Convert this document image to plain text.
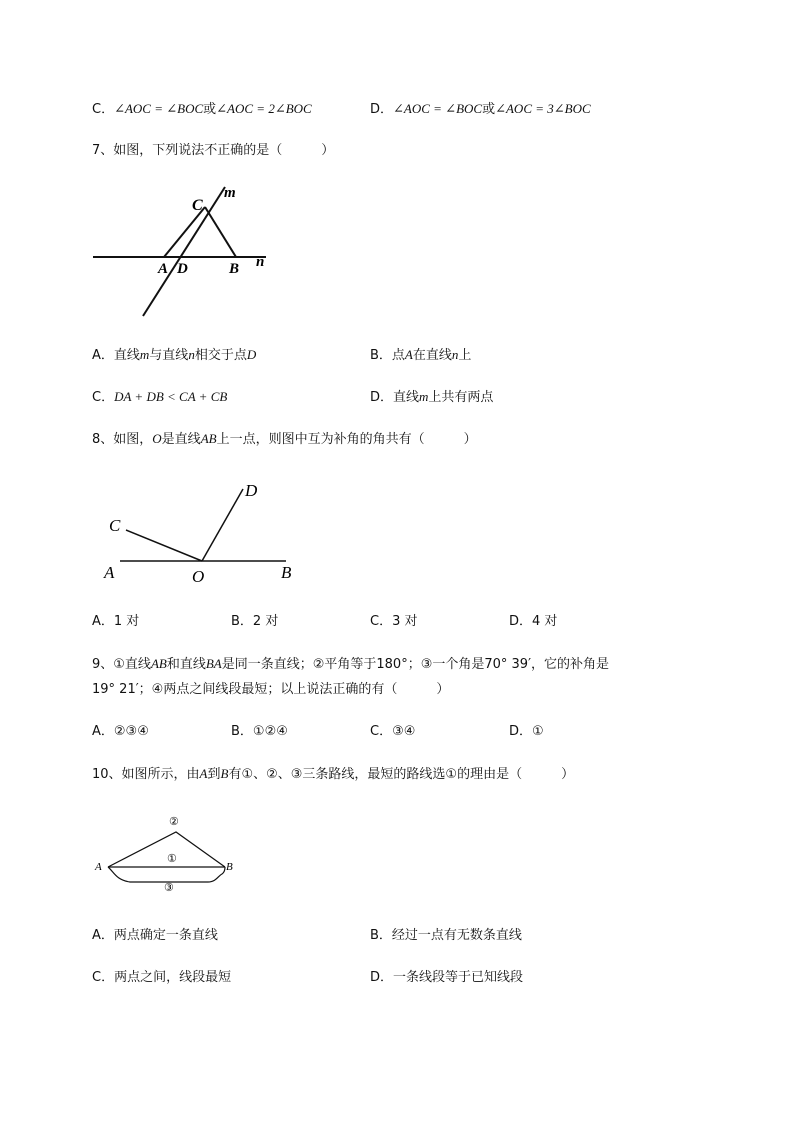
C．∠AOC = ∠BOC或∠AOC = 2∠BOC	D．∠AOC = ∠BOC或∠AOC = 3∠BOC
7、如图，下列说法不正确的是（　　　）
C
m
A D	B n
A．直线m与直线n相交于点D	B．点A在直线n上
C．DA + DB < CA + CB	D．直线m上共有两点
8、如图，O是直线AB上一点，则图中互为补角的角共有（　　　）
A	O	B
C
D
A．1 对	B．2 对	C．3 对	D．4 对
9、①直线AB和直线BA是同一条直线；②平角等于180°；③一个角是70° 39′，它的补角是
19° 21′；④两点之间线段最短；以上说法正确的有（　　　）
A．②③④	B．①②④	C．③④	D．①
10、如图所示，由A到B有①、②、③三条路线，最短的路线选①的理由是（　　　）
A	B
②
①
③
A．两点确定一条直线	B．经过一点有无数条直线
C．两点之间，线段最短	D．一条线段等于已知线段
